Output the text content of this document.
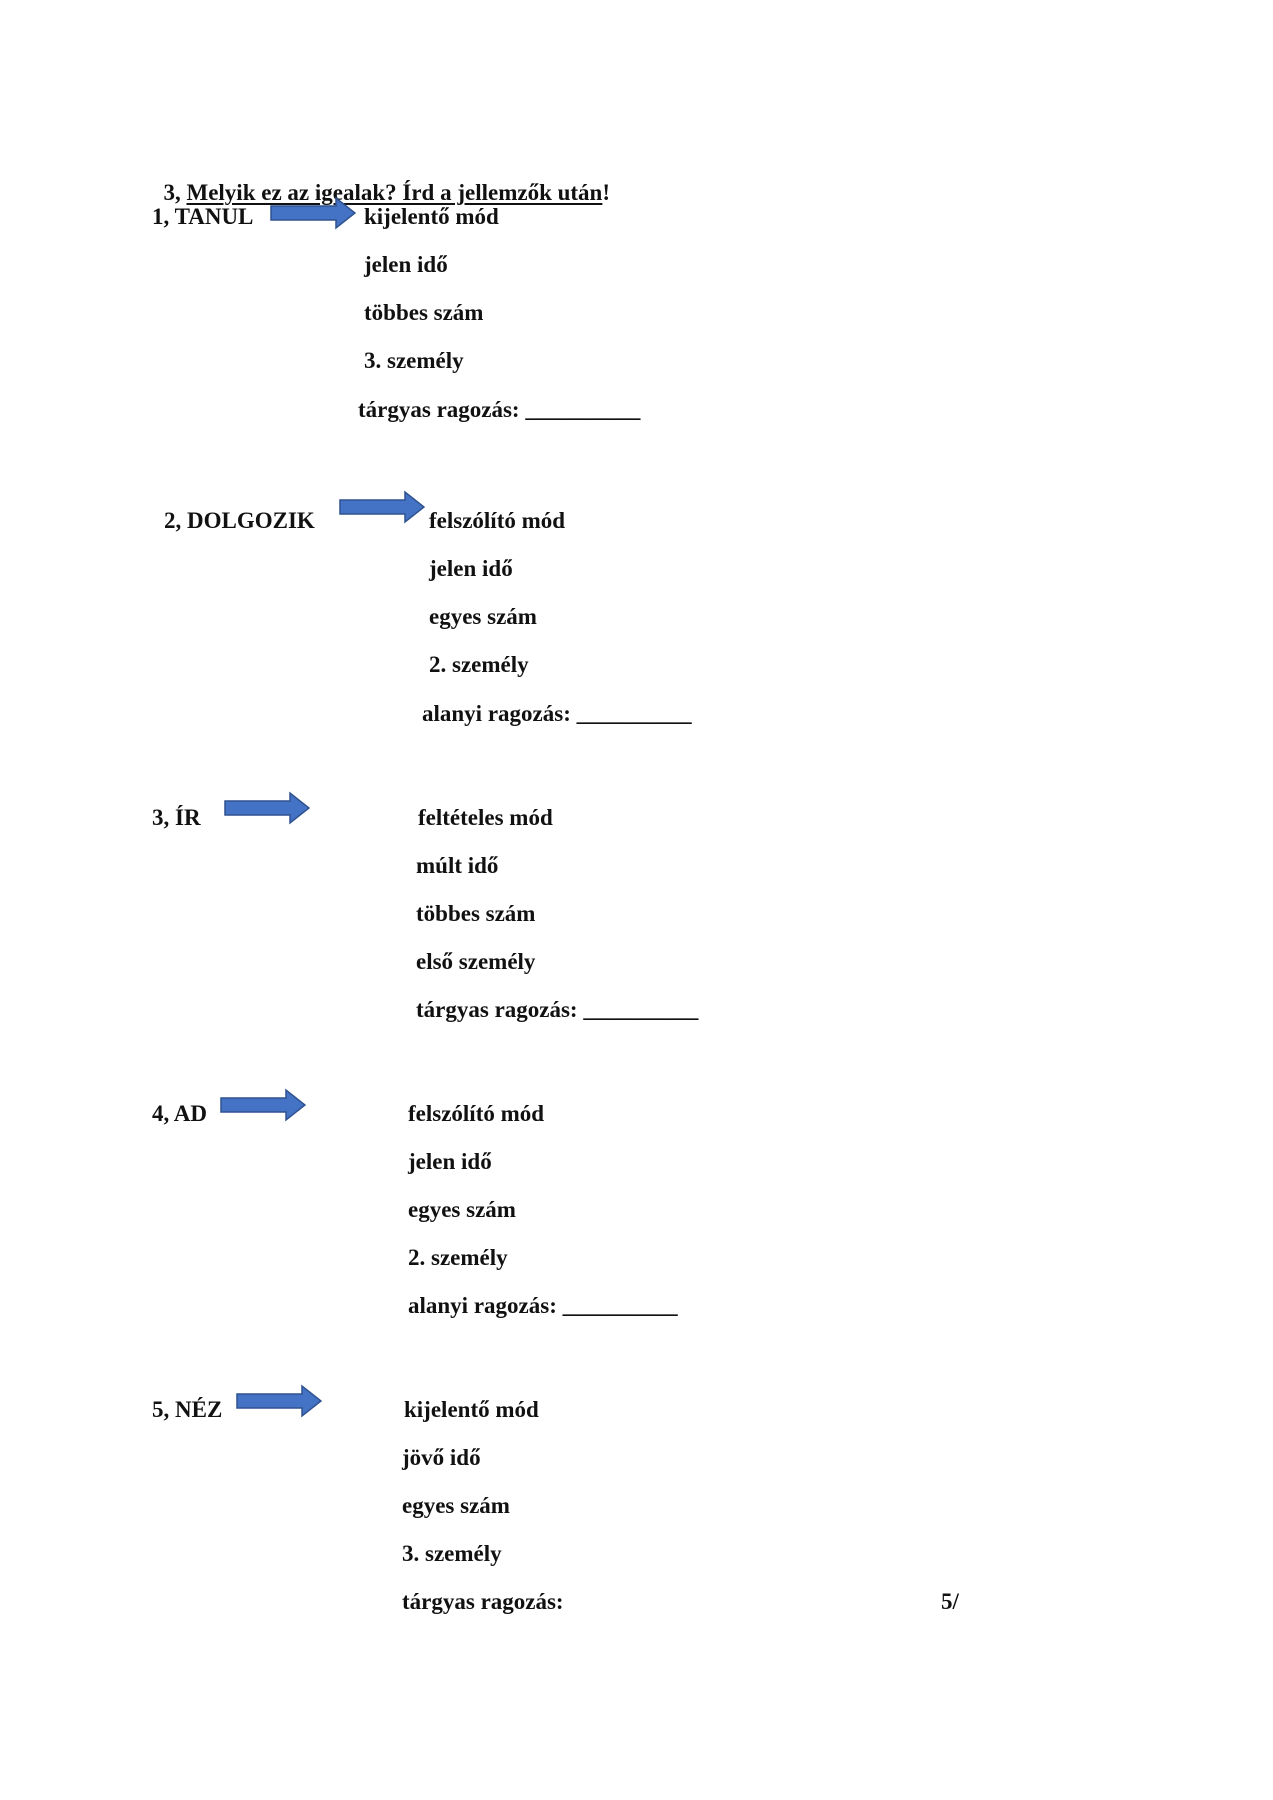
3, Melyik ez az igealak? Írd a jellemzők után!

1, TANUL	kijelentő mód
jelen idő
többes szám
3. személy
tárgyas ragozás: __________
2, DOLGOZIK	felszólító mód
jelen idő
egyes szám
2. személy
alanyi ragozás: __________
3, ÍR	feltételes mód
múlt idő
többes szám
első személy
tárgyas ragozás: __________
4, AD	felszólító mód
jelen idő
egyes szám
2. személy
alanyi ragozás: __________
5, NÉZ	kijelentő mód
jövő idő
egyes szám
3. személy
tárgyas ragozás:	5/
